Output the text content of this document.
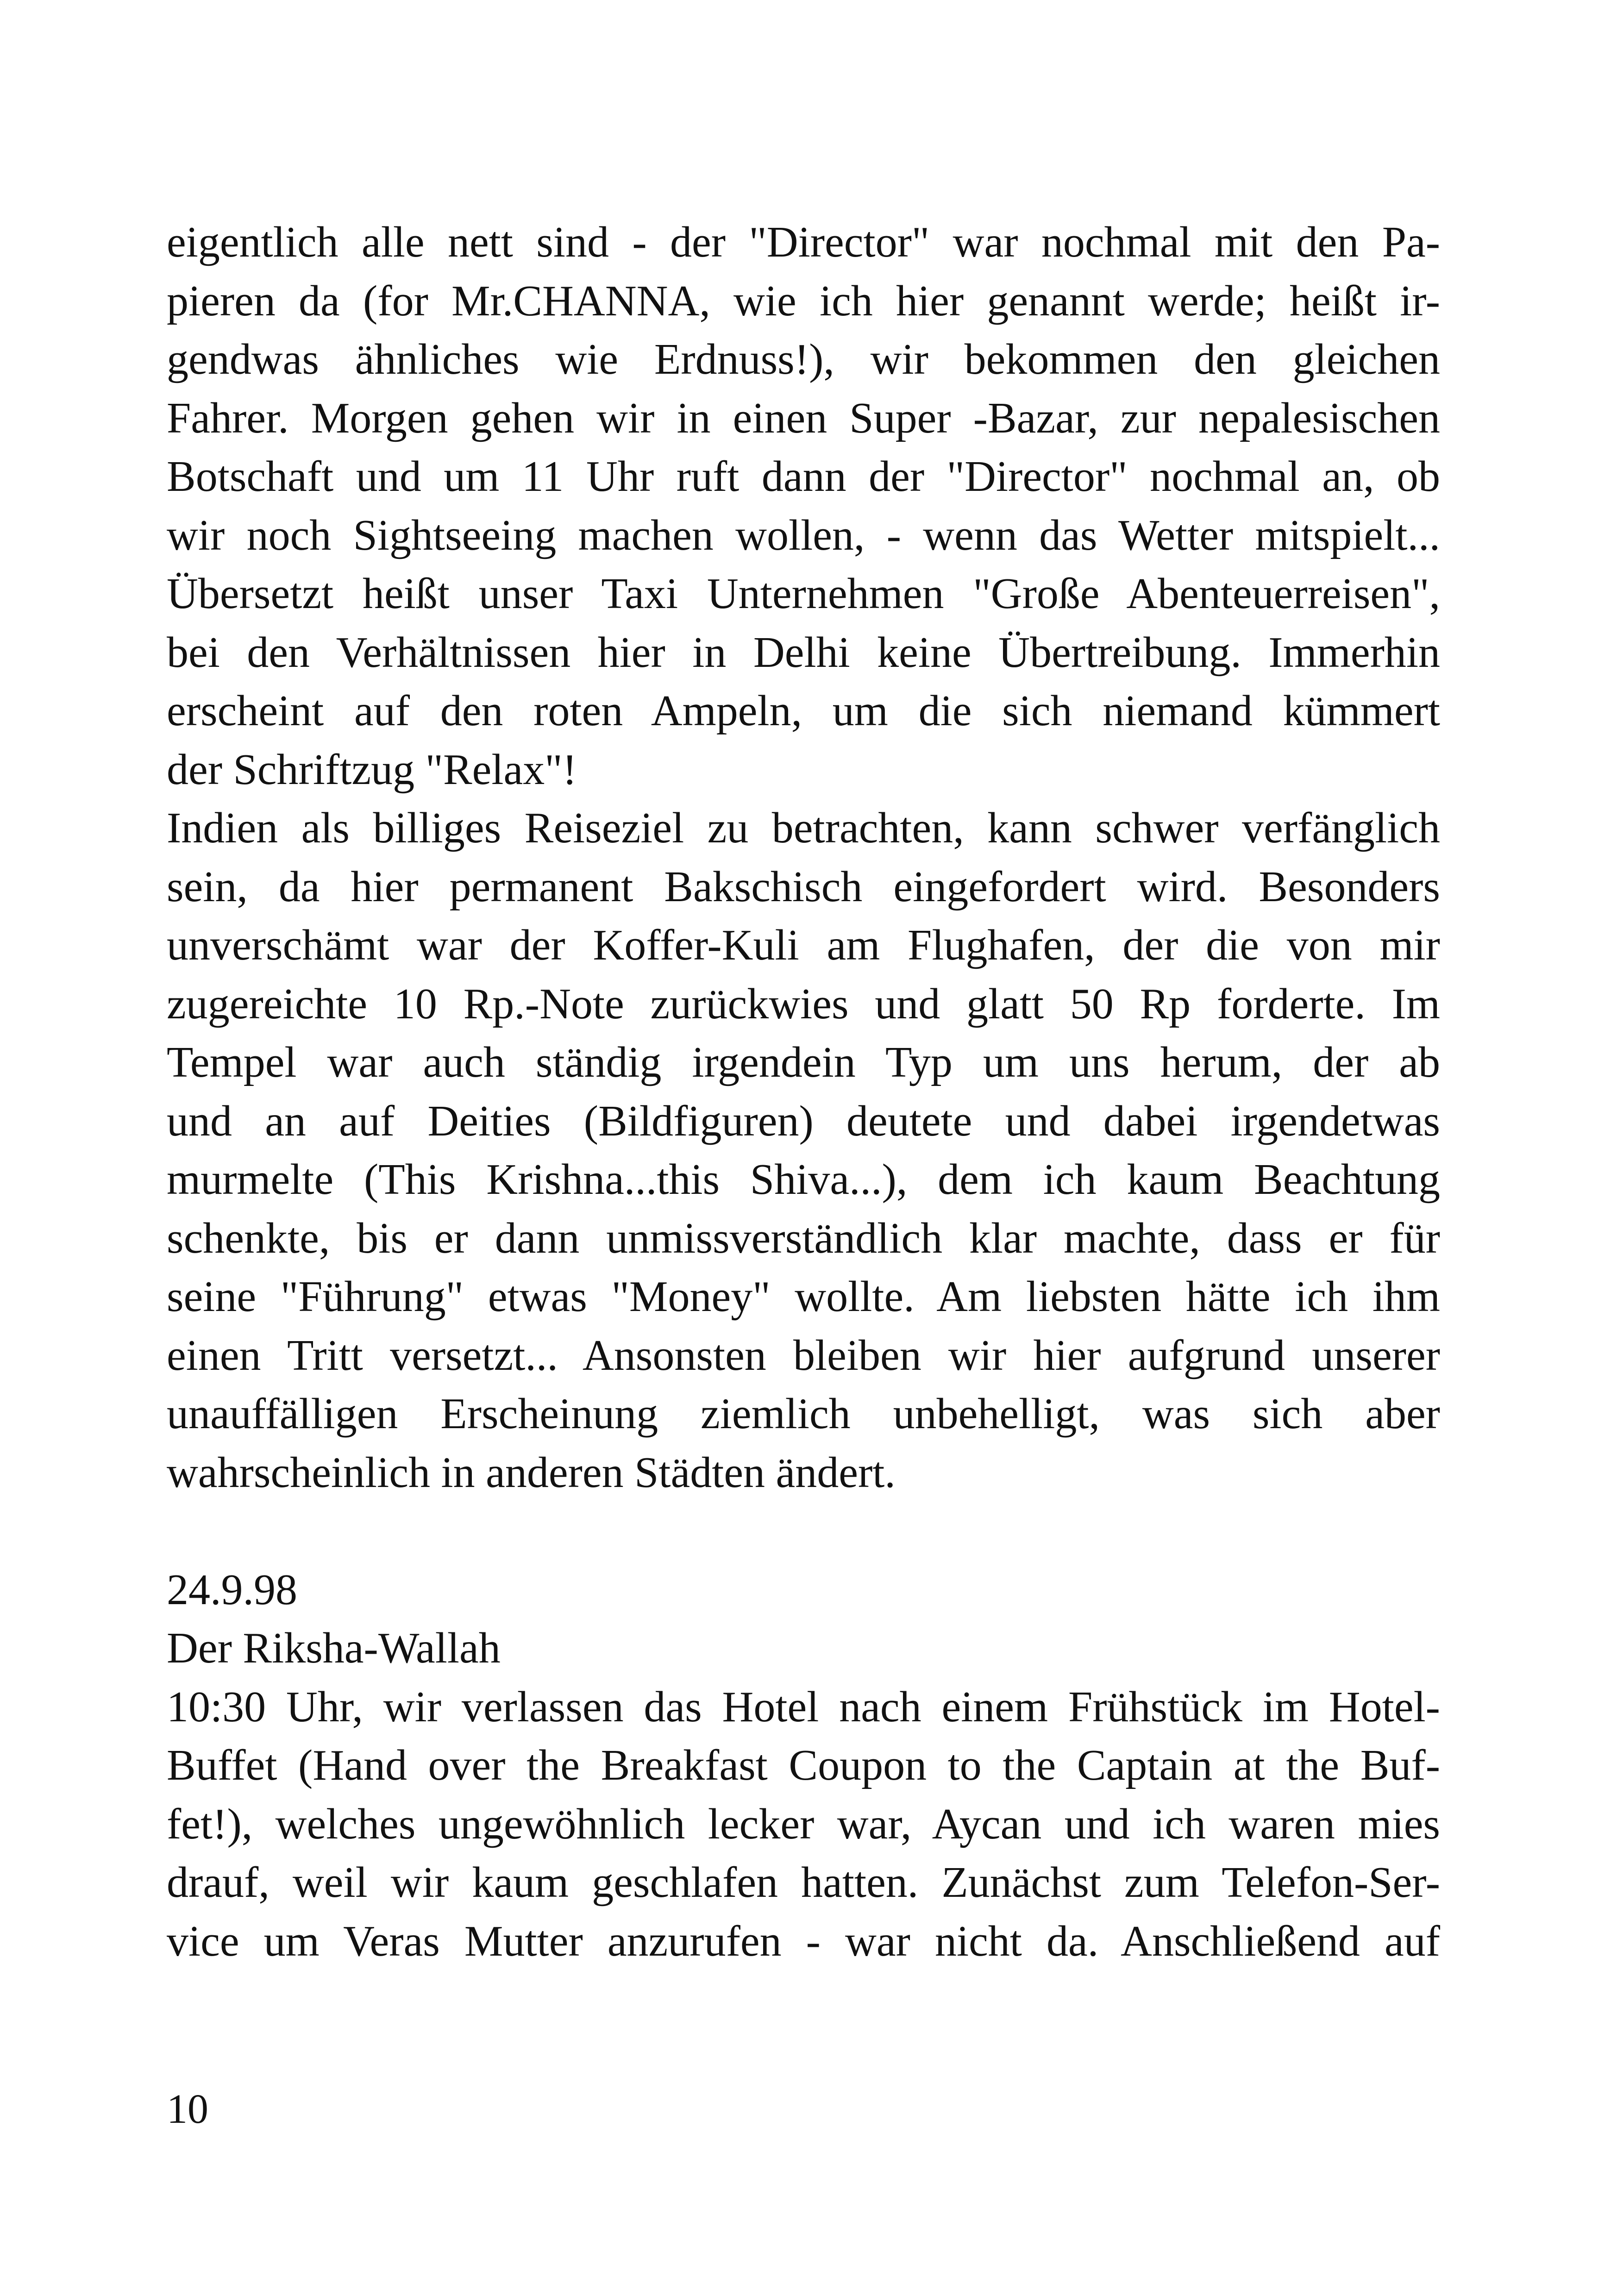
eigentlich alle nett sind - der "Director" war nochmal mit den Pa-
pieren da (for Mr.CHANNA, wie ich hier genannt werde; heißt ir-
gendwas ähnliches wie Erdnuss!), wir bekommen den gleichen
Fahrer. Morgen gehen wir in einen Super -Bazar, zur nepalesischen
Botschaft und um 11 Uhr ruft dann der "Director" nochmal an, ob
wir noch Sightseeing machen wollen, - wenn das Wetter mitspielt...
Übersetzt heißt unser Taxi Unternehmen "Große Abenteuerreisen",
bei den Verhältnissen hier in Delhi keine Übertreibung. Immerhin
erscheint auf den roten Ampeln, um die sich niemand kümmert
der Schriftzug "Relax"!
Indien als billiges Reiseziel zu betrachten, kann schwer verfänglich
sein, da hier permanent Bakschisch eingefordert wird. Besonders
unverschämt war der Koffer-Kuli am Flughafen, der die von mir
zugereichte 10 Rp.-Note zurückwies und glatt 50 Rp forderte. Im
Tempel war auch ständig irgendein Typ um uns herum, der ab
und an auf Deities (Bildfiguren) deutete und dabei irgendetwas
murmelte (This Krishna...this Shiva...), dem ich kaum Beachtung
schenkte, bis er dann unmissverständlich klar machte, dass er für
seine "Führung" etwas "Money" wollte. Am liebsten hätte ich ihm
einen Tritt versetzt... Ansonsten bleiben wir hier aufgrund unserer
unauffälligen Erscheinung ziemlich unbehelligt, was sich aber
wahrscheinlich in anderen Städten ändert.
24.9.98
Der Riksha-Wallah
10:30 Uhr, wir verlassen das Hotel nach einem Frühstück im Hotel-
Buffet (Hand over the Breakfast Coupon to the Captain at the Buf-
fet!), welches ungewöhnlich lecker war, Aycan und ich waren mies
drauf, weil wir kaum geschlafen hatten. Zunächst zum Telefon-Ser-
vice um Veras Mutter anzurufen - war nicht da. Anschließend auf
10
